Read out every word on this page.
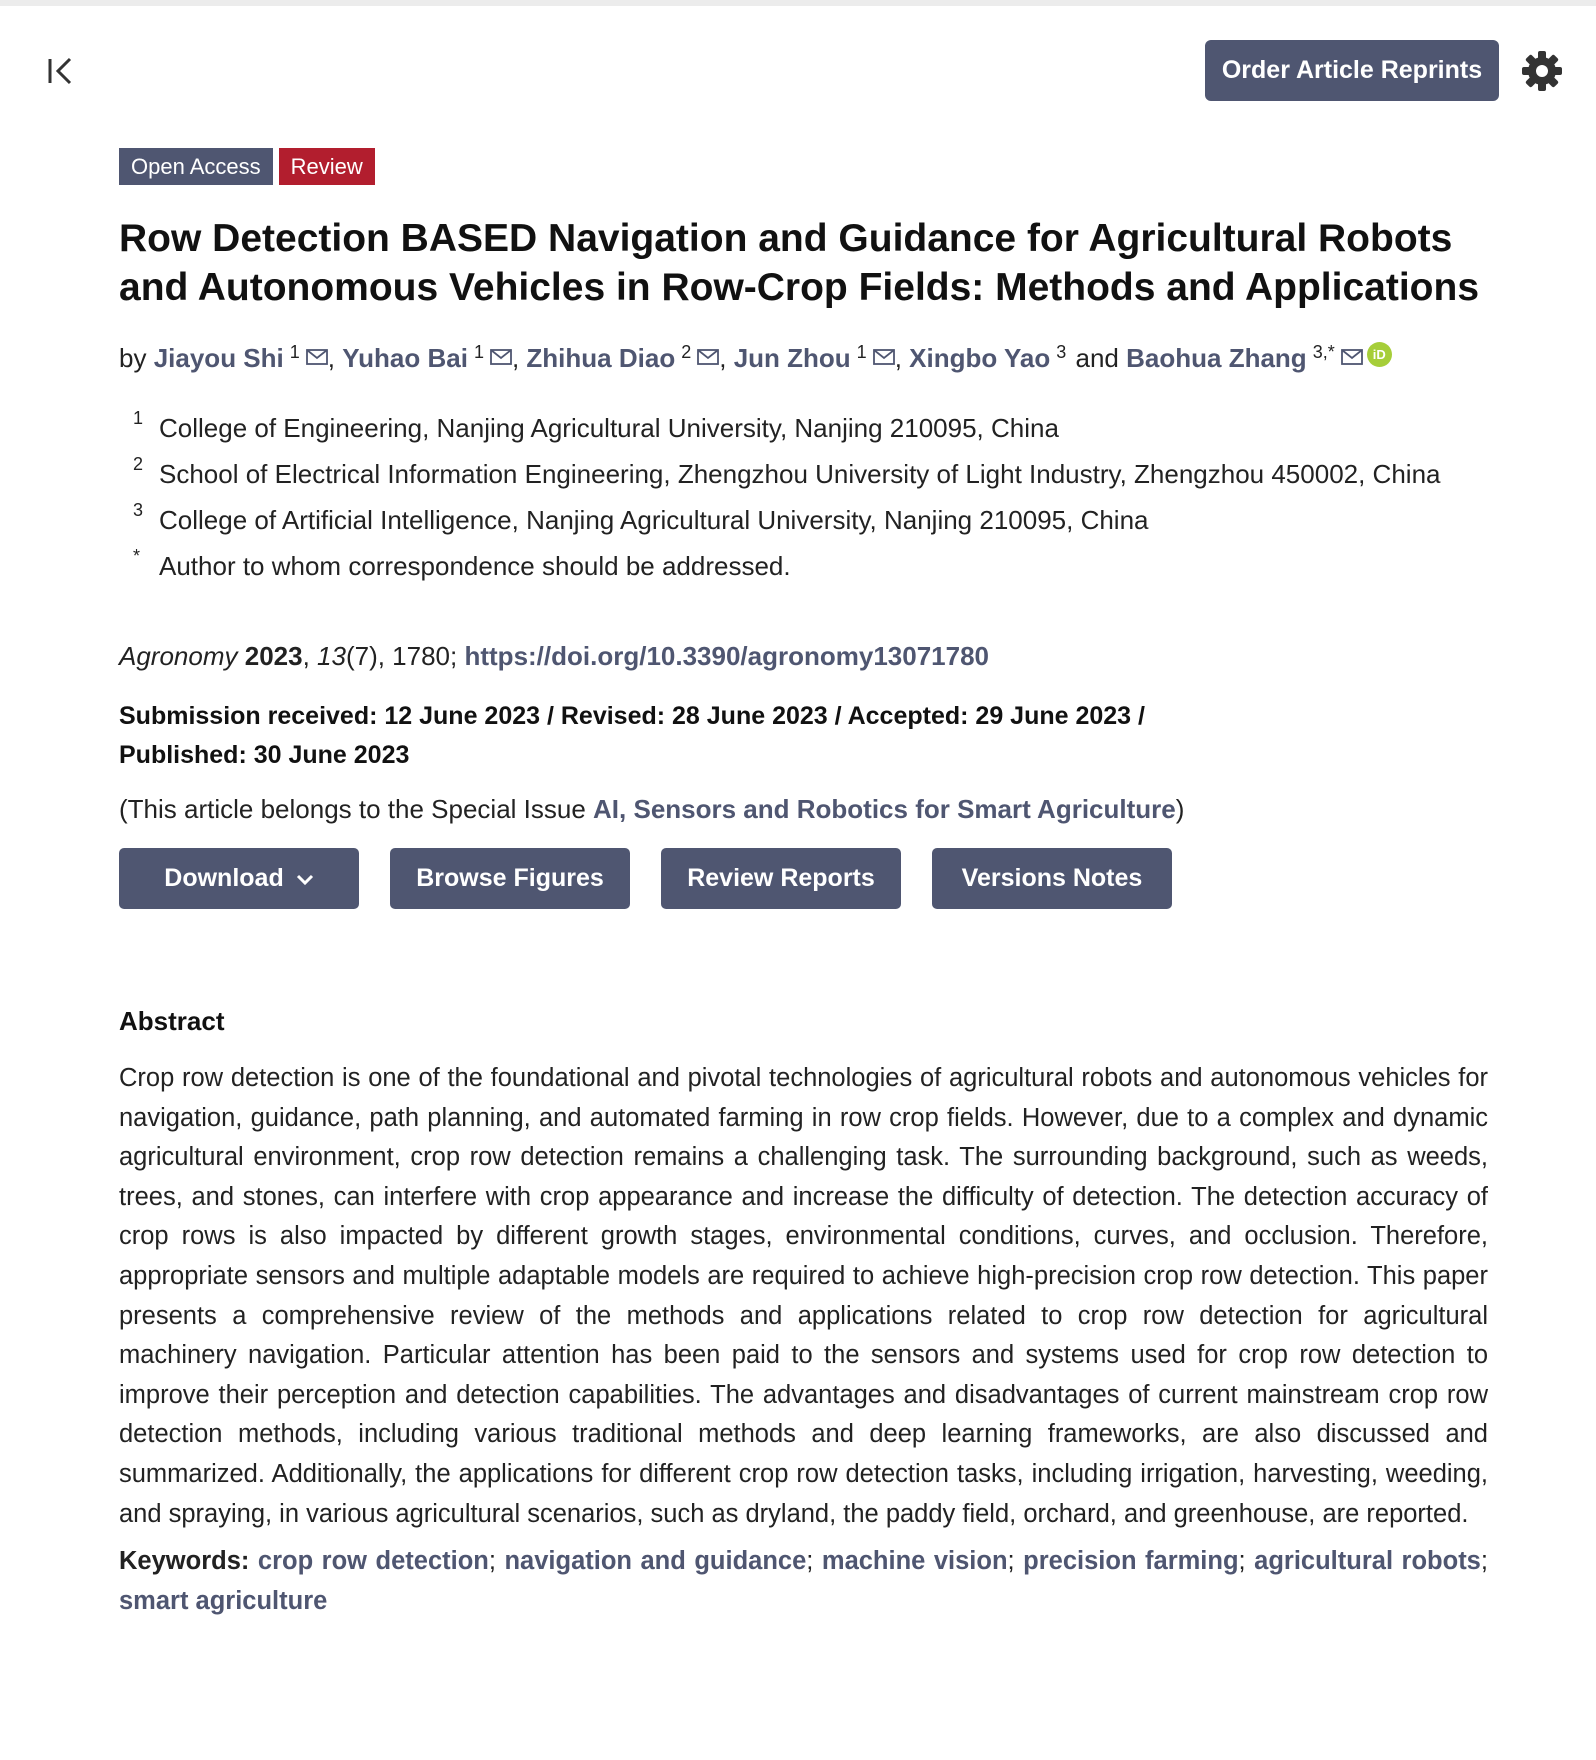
Order Article Reprints
Open Access	Review
Row Detection BASED Navigation and Guidance for Agricultural Robots and Autonomous Vehicles in Row-Crop Fields: Methods and Applications
by Jiayou Shi $^1$ , Yuhao Bai $^1$ , Zhihua Diao $^2$ , Jun Zhou $^1$ , Xingbo Yao $^3$ and Baohua Zhang $^{3,*}$	iD
1 College of Engineering, Nanjing Agricultural University, Nanjing 210095, China
2 School of Electrical Information Engineering, Zhengzhou University of Light Industry, Zhengzhou 450002, China
3 College of Artificial Intelligence, Nanjing Agricultural University, Nanjing 210095, China
* Author to whom correspondence should be addressed.
Agronomy 2023, 13(7), 1780; https://doi.org/10.3390/agronomy13071780
Submission received: 12 June 2023 / Revised: 28 June 2023 / Accepted: 29 June 2023 /
Published: 30 June 2023
(This article belongs to the Special Issue AI, Sensors and Robotics for Smart Agriculture)
Download	Browse Figures	Review Reports	Versions Notes
Abstract
Crop row detection is one of the foundational and pivotal technologies of agricultural robots and autonomous vehicles for navigation, guidance, path planning, and automated farming in row crop fields. However, due to a complex and dynamic agricultural environment, crop row detection remains a challenging task. The surrounding background, such as weeds, trees, and stones, can interfere with crop appearance and increase the difficulty of detection. The detection accuracy of crop rows is also impacted by different growth stages, environmental conditions, curves, and occlusion. Therefore, appropriate sensors and multiple adaptable models are required to achieve high-precision crop row detection. This paper presents a comprehensive review of the methods and applications related to crop row detection for agricultural machinery navigation. Particular attention has been paid to the sensors and systems used for crop row detection to improve their perception and detection capabilities. The advantages and disadvantages of current mainstream crop row detection methods, including various traditional methods and deep learning frameworks, are also discussed and summarized. Additionally, the applications for different crop row detection tasks, including irrigation, harvesting, weeding, and spraying, in various agricultural scenarios, such as dryland, the paddy field, orchard, and greenhouse, are reported.
Keywords: crop row detection; navigation and guidance; machine vision; precision farming; agricultural robots; smart agriculture
